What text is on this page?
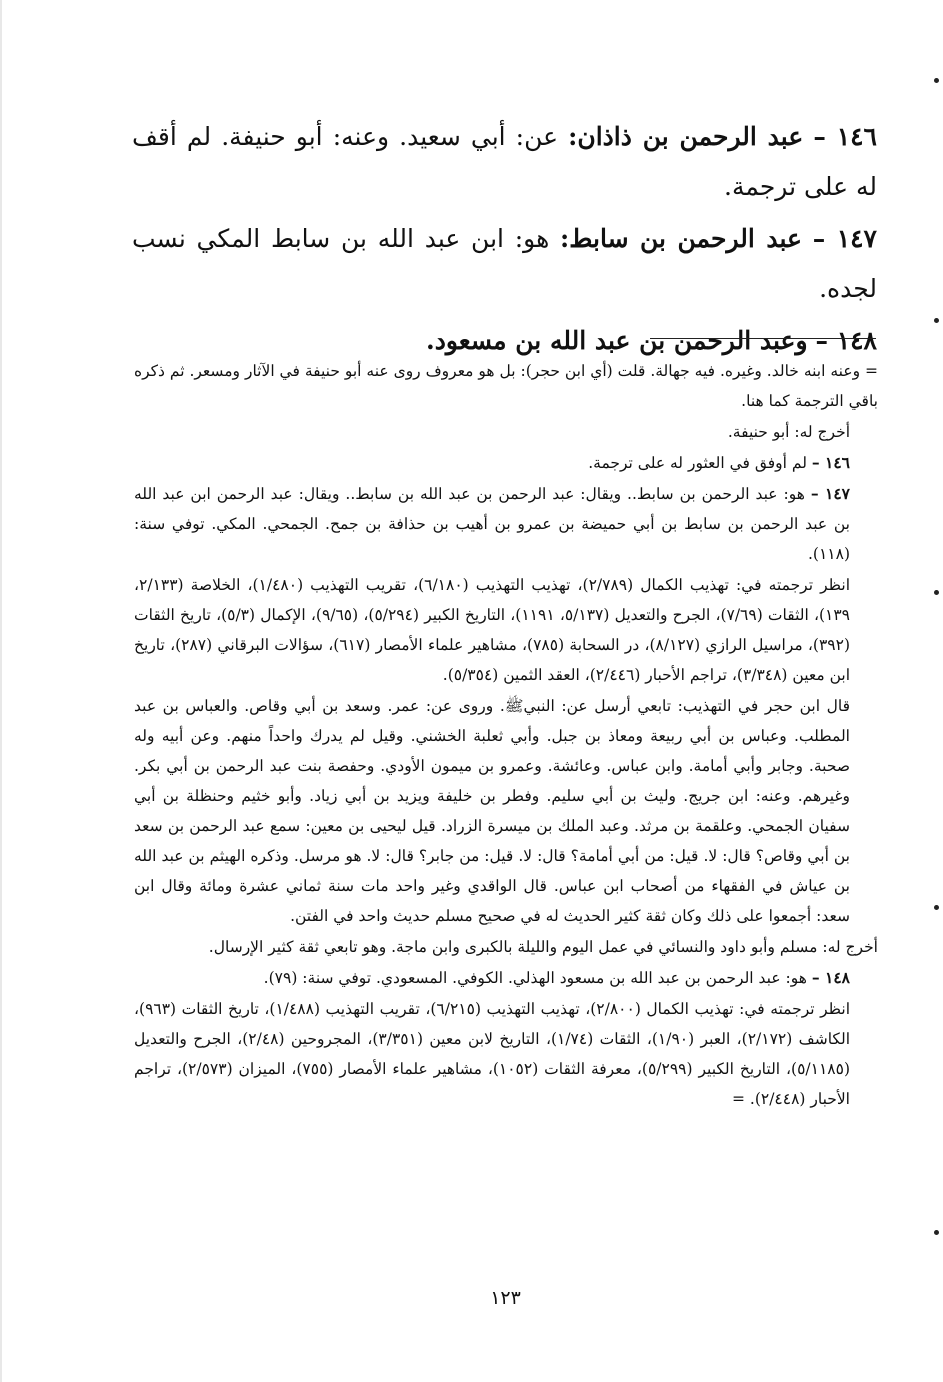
١٤٦ – عبد الرحمن بن ذاذان: عن: أبي سعيد. وعنه: أبو حنيفة. لم أقف له على ترجمة.

١٤٧ – عبد الرحمن بن سابط: هو: ابن عبد الله بن سابط المكي نسب لجده.

١٤٨ – وعبد الرحمن بن عبد الله بن مسعود.

= وعنه ابنه خالد. وغيره. فيه جهالة. قلت (أي ابن حجر): بل هو معروف روى عنه أبو حنيفة في الآثار ومسعر. ثم ذكره باقي الترجمة كما هنا.

أخرج له: أبو حنيفة.

١٤٦ – لم أوفق في العثور له على ترجمة.

١٤٧ – هو: عبد الرحمن بن سابط.. ويقال: عبد الرحمن بن عبد الله بن سابط.. ويقال: عبد الرحمن ابن عبد الله بن عبد الرحمن بن سابط بن أبي حميضة بن عمرو بن أهيب بن حذافة بن جمح. الجمحي. المكي. توفي سنة: (١١٨).

انظر ترجمته في: تهذيب الكمال (٢/٧٨٩)، تهذيب التهذيب (٦/١٨٠)، تقريب التهذيب (١/٤٨٠)، الخلاصة (٢/١٣٣، ١٣٩)، الثقات (٧/٦٩)، الجرح والتعديل (٥/١٣٧، ١١٩١)، التاريخ الكبير (٥/٢٩٤)، (٩/٦٥)، الإكمال (٥/٣)، تاريخ الثقات (٣٩٢)، مراسيل الرازي (٨/١٢٧)، در السحابة (٧٨٥)، مشاهير علماء الأمصار (٦١٧)، سؤالات البرقاني (٢٨٧)، تاريخ ابن معين (٣/٣٤٨)، تراجم الأحبار (٢/٤٤٦)، العقد الثمين (٥/٣٥٤).

قال ابن حجر في التهذيب: تابعي أرسل عن: النبيﷺ. وروى عن: عمر. وسعد بن أبي وقاص. والعباس بن عبد المطلب. وعباس بن أبي ربيعة ومعاذ بن جبل. وأبي ثعلبة الخشني. وقيل لم يدرك واحداً منهم. وعن أبيه وله صحبة. وجابر وأبي أمامة. وابن عباس. وعائشة. وعمرو بن ميمون الأودي. وحفصة بنت عبد الرحمن بن أبي بكر. وغيرهم. وعنه: ابن جريج. وليث بن أبي سليم. وفطر بن خليفة ويزيد بن أبي زياد. وأبو خثيم وحنظلة بن أبي سفيان الجمحي. وعلقمة بن مرثد. وعبد الملك بن ميسرة الزراد. قيل ليحيى بن معين: سمع عبد الرحمن بن سعد بن أبي وقاص؟ قال: لا. قيل: من أبي أمامة؟ قال: لا. قيل: من جابر؟ قال: لا. هو مرسل. وذكره الهيثم بن عبد الله بن عياش في الفقهاء من أصحاب ابن عباس. قال الواقدي وغير واحد مات سنة ثماني عشرة ومائة وقال ابن سعد: أجمعوا على ذلك وكان ثقة كثير الحديث له في صحيح مسلم حديث واحد في الفتن.

أخرج له: مسلم وأبو داود والنسائي في عمل اليوم والليلة بالكبرى وابن ماجة. وهو تابعي ثقة كثير الإرسال.

١٤٨ – هو: عبد الرحمن بن عبد الله بن مسعود الهذلي. الكوفي. المسعودي. توفي سنة: (٧٩).

انظر ترجمته في: تهذيب الكمال (٢/٨٠٠)، تهذيب التهذيب (٦/٢١٥)، تقريب التهذيب (١/٤٨٨)، تاريخ الثقات (٩٦٣)، الكاشف (٢/١٧٢)، العبر (١/٩٠)، الثقات (١/٧٤)، التاريخ لابن معين (٣/٣٥١)، المجروحين (٢/٤٨)، الجرح والتعديل (٥/١١٨٥)، التاريخ الكبير (٥/٢٩٩)، معرفة الثقات (١٠٥٢)، مشاهير علماء الأمصار (٧٥٥)، الميزان (٢/٥٧٣)، تراجم الأحبار (٢/٤٤٨). =

١٢٣
